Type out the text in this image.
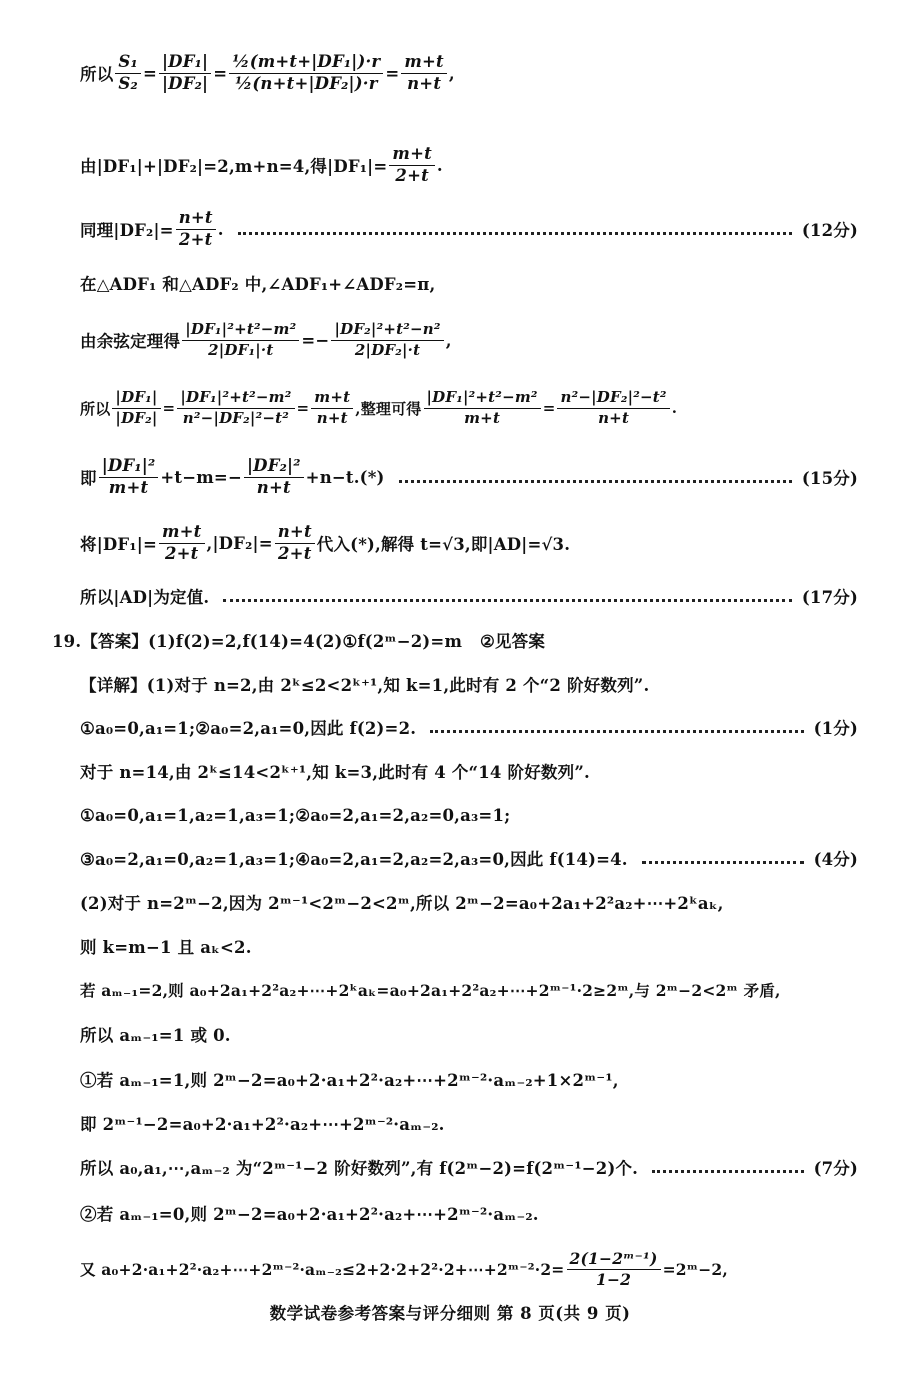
所以 $\frac{\text{S₁}}{\text{S₂}} = \frac{\text{|DF₁|}}{\text{|DF₂|}} = \frac{\text{½(m+t+|DF₁|)·r}}{\text{½(n+t+|DF₂|)·r}} = \frac{m+t}{n+t}$ ,
由|DF₁|+|DF₂|=2,m+n=4,得$|DF_1|= \frac{m+t}{2+t}$ .
同理$|DF_2|= \frac{n+t}{2+t}$ .	(12分)
在△ADF₁ 和△ADF₂ 中,∠ADF₁+∠ADF₂=π,
由余弦定理得 $\frac{\text{|DF₁|²+t²−m²}}{\text{2|DF₁|·t}} =- \frac{\text{|DF₂|²+t²−n²}}{\text{2|DF₂|·t}}$ ,
所以 $\frac{\text{|DF₁|}}{\text{|DF₂|}} = \frac{\text{|DF₁|²+t²−m²}}{\text{n²−|DF₂|²−t²}} = \frac{m+t}{n+t}$ ,整理可得 $\frac{\text{|DF₁|²+t²−m²}}{m+t} = \frac{\text{n²−|DF₂|²−t²}}{n+t}$ .
即 $\frac{\text{|DF₁|²}}{m+t} +t-m=- \frac{\text{|DF₂|²}}{n+t} +n-t.(*)$	(15分)
将$|DF_1|= \frac{m+t}{2+t} ,|DF_2|= \frac{n+t}{2+t}$ 代入(*),解得 t=√3,即|AD|=√3.
所以|AD|为定值.	(17分)
19.【答案】(1)f(2)=2,f(14)=4(2)①f(2ᵐ−2)=m   ②见答案
【详解】(1)对于 n=2,由 2ᵏ≤2<2ᵏ⁺¹,知 k=1,此时有 2 个“2 阶好数列”.
①a₀=0,a₁=1;②a₀=2,a₁=0,因此 f(2)=2.	(1分)
对于 n=14,由 2ᵏ≤14<2ᵏ⁺¹,知 k=3,此时有 4 个“14 阶好数列”.
①a₀=0,a₁=1,a₂=1,a₃=1;②a₀=2,a₁=2,a₂=0,a₃=1;
③a₀=2,a₁=0,a₂=1,a₃=1;④a₀=2,a₁=2,a₂=2,a₃=0,因此 f(14)=4.	(4分)
(2)对于 n=2ᵐ−2,因为 2ᵐ⁻¹<2ᵐ−2<2ᵐ,所以 2ᵐ−2=a₀+2a₁+2²a₂+⋯+2ᵏaₖ,
则 k=m−1 且 aₖ<2.
若 aₘ₋₁=2,则 a₀+2a₁+2²a₂+⋯+2ᵏaₖ=a₀+2a₁+2²a₂+⋯+2ᵐ⁻¹·2≥2ᵐ,与 2ᵐ−2<2ᵐ 矛盾,
所以 aₘ₋₁=1 或 0.
①若 aₘ₋₁=1,则 2ᵐ−2=a₀+2·a₁+2²·a₂+⋯+2ᵐ⁻²·aₘ₋₂+1×2ᵐ⁻¹,
即 2ᵐ⁻¹−2=a₀+2·a₁+2²·a₂+⋯+2ᵐ⁻²·aₘ₋₂.
所以 a₀,a₁,⋯,aₘ₋₂ 为“2ᵐ⁻¹−2 阶好数列”,有 f(2ᵐ−2)=f(2ᵐ⁻¹−2)个.	(7分)
②若 aₘ₋₁=0,则 2ᵐ−2=a₀+2·a₁+2²·a₂+⋯+2ᵐ⁻²·aₘ₋₂.
又 a₀+2·a₁+2²·a₂+⋯+2ᵐ⁻²·aₘ₋₂≤2+2·2+2²·2+⋯+2ᵐ⁻²·2= $\frac{\text{2(1−2ᵐ⁻¹)}}{1-2}$ =2ᵐ−2,
数学试卷参考答案与评分细则 第 8 页(共 9 页)
